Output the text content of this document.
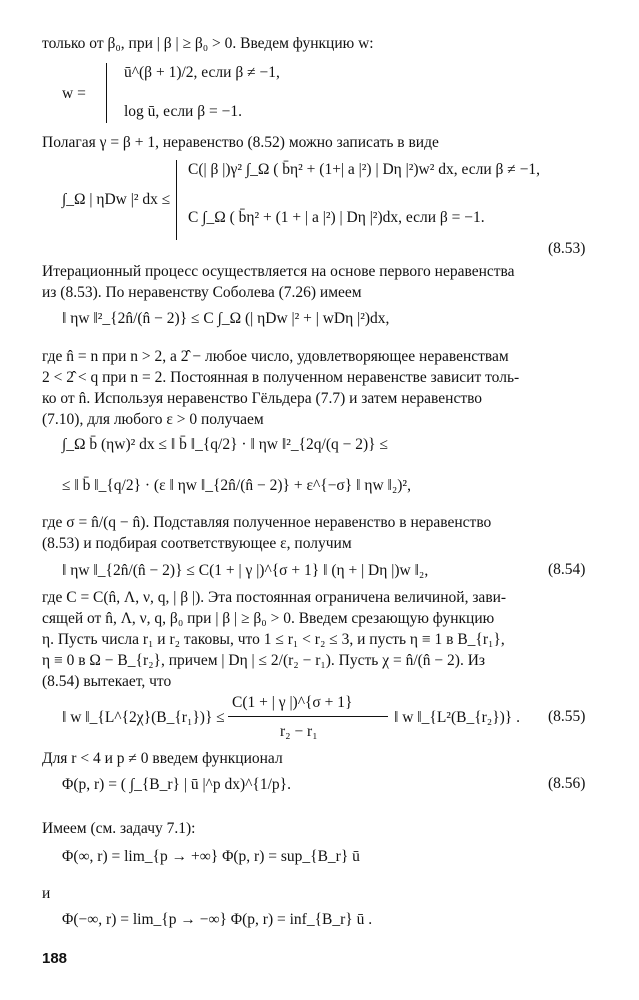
только от β₀, при | β | ≥ β₀ > 0. Введем функцию w:
ū^(β + 1)/2, если β ≠ −1,
w =
log ū, если β = −1.
Полагая γ = β + 1, неравенство (8.52) можно записать в виде
C(| β |)γ² ∫_Ω ( b̄η² + (1+| a |²) | Dη |²)w² dx, если β ≠ −1,
∫_Ω | ηDw |² dx ≤
C ∫_Ω ( b̄η² + (1 + | a |²) | Dη |²)dx, если β = −1.
(8.53)
Итерационный процесс осуществляется на основе первого неравенства
из (8.53). По неравенству Соболева (7.26) имеем
‖ ηw ‖²_{2n̂/(n̂ − 2)} ≤ C ∫_Ω (| ηDw |² + | wDη |²)dx,
где n̂ = n при n > 2, а 2̂ − любое число, удовлетворяющее неравенствам
2 < 2̂ < q при n = 2. Постоянная в полученном неравенстве зависит толь-
ко от n̂. Используя неравенство Гёльдера (7.7) и затем неравенство
(7.10), для любого ε > 0 получаем
∫_Ω b̄ (ηw)² dx ≤ ‖ b̄ ‖_{q/2} · ‖ ηw ‖²_{2q/(q − 2)} ≤
≤ ‖ b̄ ‖_{q/2} · (ε ‖ ηw ‖_{2n̂/(n̂ − 2)} + ε^{−σ} ‖ ηw ‖₂)²,
где σ = n̂/(q − n̂). Подставляя полученное неравенство в неравенство
(8.53) и подбирая соответствующее ε, получим
‖ ηw ‖_{2n̂/(n̂ − 2)} ≤ C(1 + | γ |)^{σ + 1} ‖ (η + | Dη |)w ‖₂,	(8.54)
где C = C(n̂, Λ, ν, q, | β |). Эта постоянная ограничена величиной, зави-
сящей от n̂, Λ, ν, q, β₀ при | β | ≥ β₀ > 0. Введем срезающую функцию
η. Пусть числа r₁ и r₂ таковы, что 1 ≤ r₁ < r₂ ≤ 3, и пусть η ≡ 1 в B_{r₁},
η ≡ 0 в Ω − B_{r₂}, причем | Dη | ≤ 2/(r₂ − r₁). Пусть χ = n̂/(n̂ − 2). Из
(8.54) вытекает, что
‖ w ‖_{L^{2χ}(B_{r₁})} ≤
C(1 + | γ |)^{σ + 1}
r₂ − r₁
‖ w ‖_{L²(B_{r₂})} . (8.55)
Для r < 4 и p ≠ 0 введем функционал
Φ(p, r) = ( ∫_{B_r} | ū |^p dx)^{1/p}.	(8.56)
Имеем (см. задачу 7.1):
Φ(∞, r) = lim_{p → +∞} Φ(p, r) = sup_{B_r} ū
и
Φ(−∞, r) = lim_{p → −∞} Φ(p, r) = inf_{B_r} ū .
188
